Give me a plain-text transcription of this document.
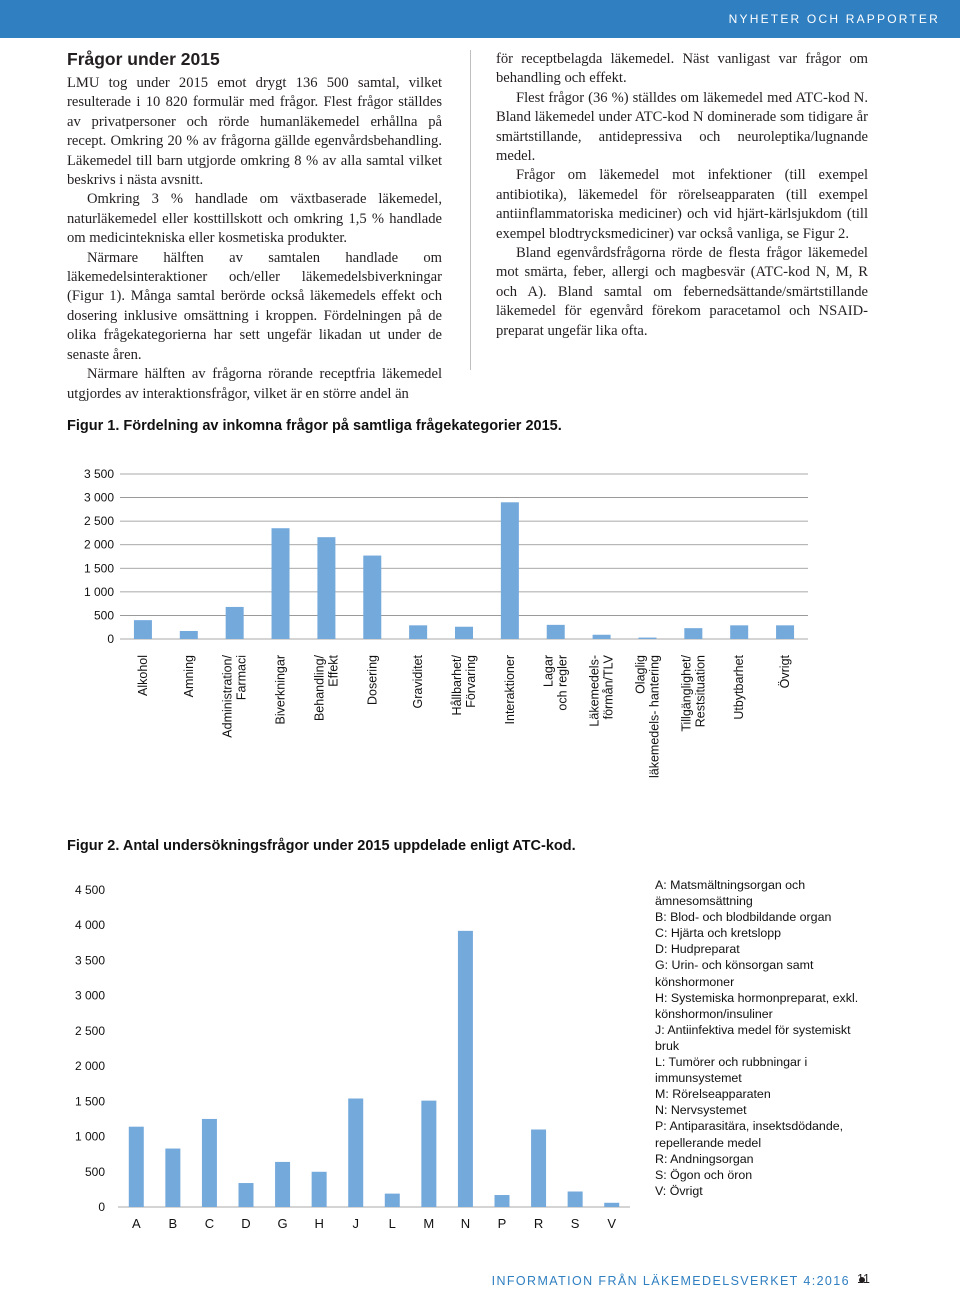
NYHETER OCH RAPPORTER
Frågor under 2015

LMU tog under 2015 emot drygt 136 500 samtal, vilket resulterade i 10 820 formulär med frågor. Flest frågor ställdes av privatpersoner och rörde humanläkemedel erhållna på recept. Omkring 20 % av frågorna gällde egenvårdsbehandling. Läkemedel till barn utgjorde omkring 8 % av alla samtal vilket beskrivs i nästa avsnitt.

Omkring 3 % handlade om växtbaserade läkemedel, naturläkemedel eller kosttillskott och omkring 1,5 % handlade om medicintekniska eller kosmetiska produkter.

Närmare hälften av samtalen handlade om läkemedelsinteraktioner och/eller läkemedelsbiverkningar (Figur 1). Många samtal berörde också läkemedels effekt och dosering inklusive omsättning i kroppen. Fördelningen på de olika frågekategorierna har sett ungefär likadan ut under de senaste åren.

Närmare hälften av frågorna rörande receptfria läkemedel utgjordes av interaktionsfrågor, vilket är en större andel än

för receptbelagda läkemedel. Näst vanligast var frågor om behandling och effekt.

Flest frågor (36 %) ställdes om läkemedel med ATC-kod N. Bland läkemedel under ATC-kod N dominerade som tidigare år smärtstillande, antidepressiva och neuroleptika/lugnande medel.

Frågor om läkemedel mot infektioner (till exempel antibiotika), läkemedel för rörelseapparaten (till exempel antiinflammatoriska mediciner) och vid hjärt-kärlsjukdom (till exempel blodtrycksmediciner) var också vanliga, se Figur 2.

Bland egenvårdsfrågorna rörde de flesta frågor läkemedel mot smärta, feber, allergi och magbesvär (ATC-kod N, M, R och A). Bland samtal om febernedsättande/smärtstillande läkemedel för egenvård förekom paracetamol och NSAID-preparat ungefär lika ofta.

Figur 1. Fördelning av inkomna frågor på samtliga frågekategorier 2015.
0
500
1 000
1 500
2 000
2 500
3 000
3 500
Alkohol	Amning Administration/ Farmaci Biverkningar Behandling/ Effekt Dosering	Graviditet Hållbarhet/ Förvaring Interaktioner Lagar och regler Läkemedels- förmån/TLV Olaglig läkemedels- hantering Tillgänglighet/ Restsituation Utbytbarhet	Övrigt
Figur 2. Antal undersökningsfrågor under 2015 uppdelade enligt ATC-kod.
0
500
1 000
1 500
2 000
2 500
3 000
3 500
4 000
4 500
A B C D G H J L M N P R S V
A: Matsmältningsorgan och ämnesomsättning
B: Blod- och blodbildande organ
C: Hjärta och kretslopp
D: Hudpreparat
G: Urin- och könsorgan samt könshormoner
H: Systemiska hormonpreparat, exkl. könshormon/insuliner
J: Antiinfektiva medel för systemiskt bruk
L: Tumörer och rubbningar i immunsystemet
M: Rörelseapparaten
N: Nervsystemet
P: Antiparasitära, insektsdödande, repellerande medel
R: Andningsorgan
S: Ögon och öron
V: Övrigt
INFORMATION FRÅN LÄKEMEDELSVERKET 4:2016 11
